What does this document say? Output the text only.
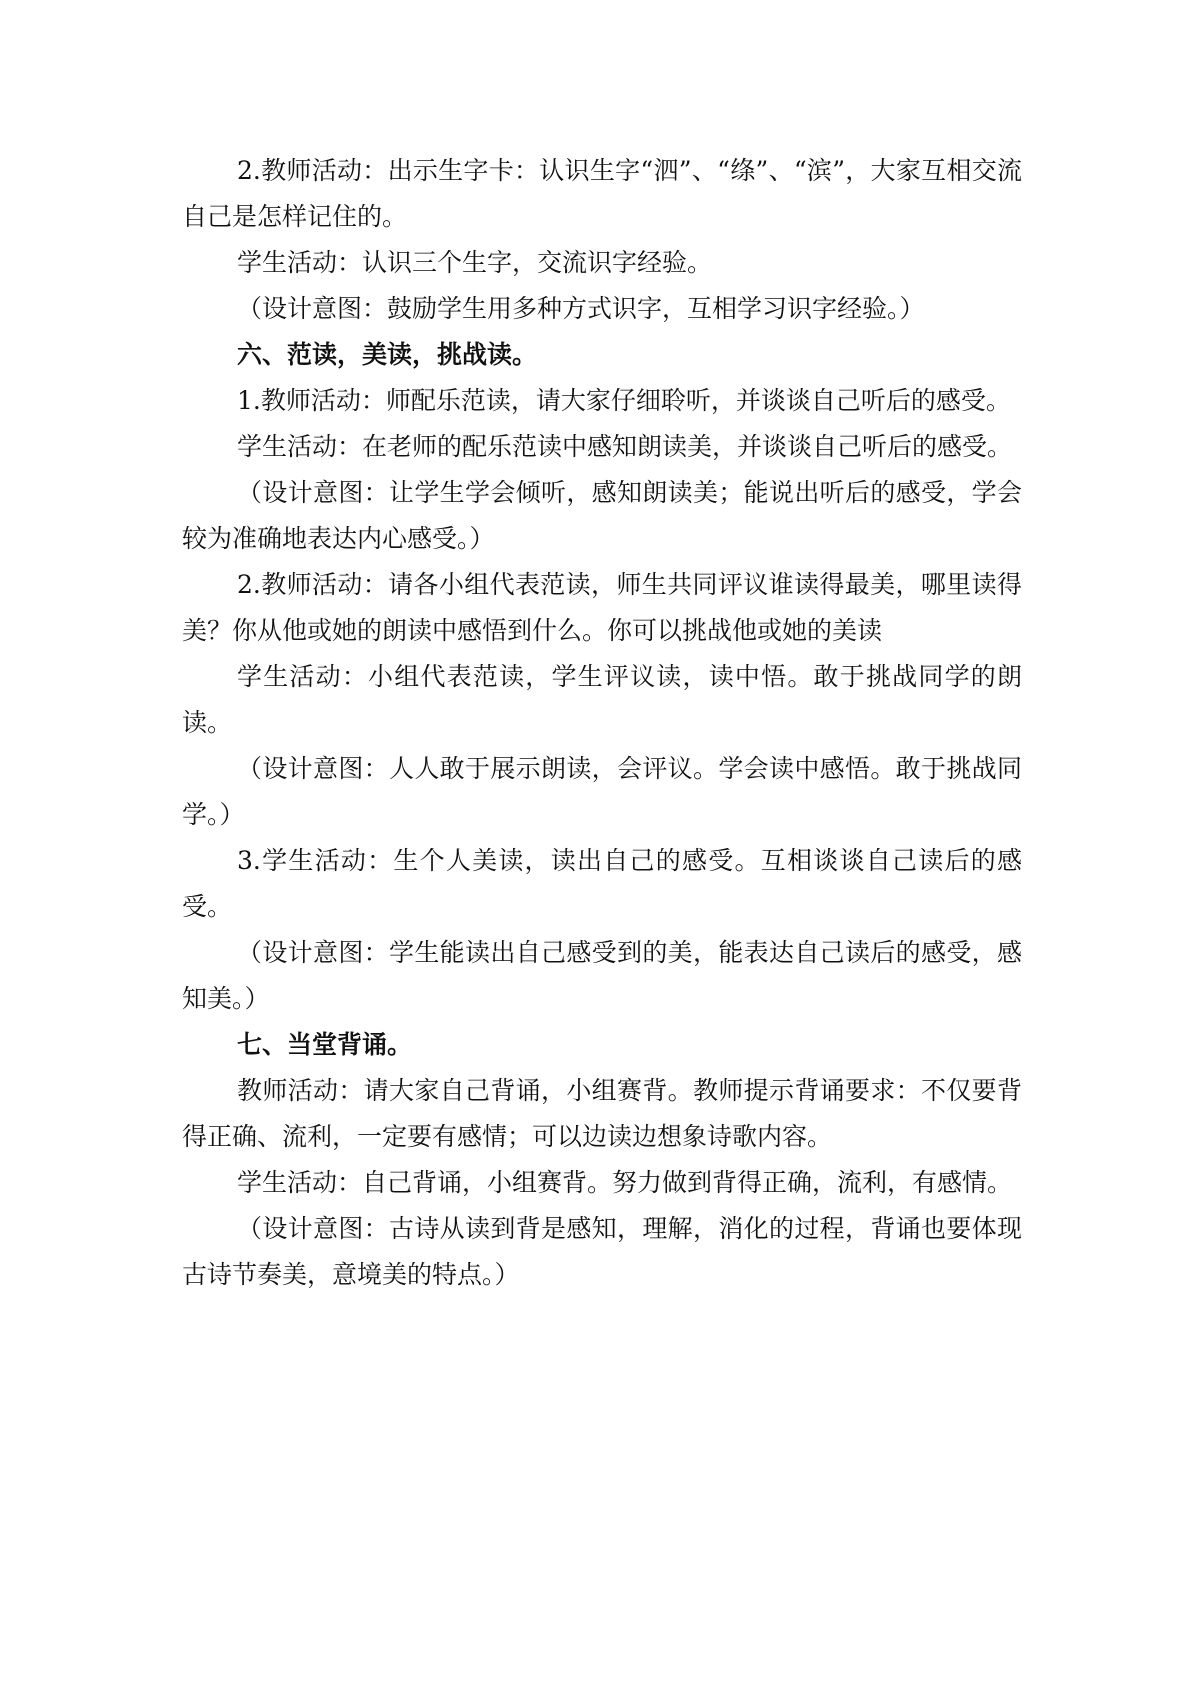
2.教师活动：出示生字卡：认识生字“泗”、“绦”、“滨”，大家互相交流自己是怎样记住的。

学生活动：认识三个生字，交流识字经验。

（设计意图：鼓励学生用多种方式识字，互相学习识字经验。）

六、范读，美读，挑战读。

1.教师活动：师配乐范读，请大家仔细聆听，并谈谈自己听后的感受。

学生活动：在老师的配乐范读中感知朗读美，并谈谈自己听后的感受。

（设计意图：让学生学会倾听，感知朗读美；能说出听后的感受，学会较为准确地表达内心感受。）

2.教师活动：请各小组代表范读，师生共同评议谁读得最美，哪里读得美？你从他或她的朗读中感悟到什么。你可以挑战他或她的美读

学生活动：小组代表范读，学生评议读，读中悟。敢于挑战同学的朗读。

（设计意图：人人敢于展示朗读，会评议。学会读中感悟。敢于挑战同学。）

3.学生活动：生个人美读，读出自己的感受。互相谈谈自己读后的感受。

（设计意图：学生能读出自己感受到的美，能表达自己读后的感受，感知美。）

七、当堂背诵。

教师活动：请大家自己背诵，小组赛背。教师提示背诵要求：不仅要背得正确、流利，一定要有感情；可以边读边想象诗歌内容。

学生活动：自己背诵，小组赛背。努力做到背得正确，流利，有感情。

（设计意图：古诗从读到背是感知，理解，消化的过程，背诵也要体现古诗节奏美，意境美的特点。）
